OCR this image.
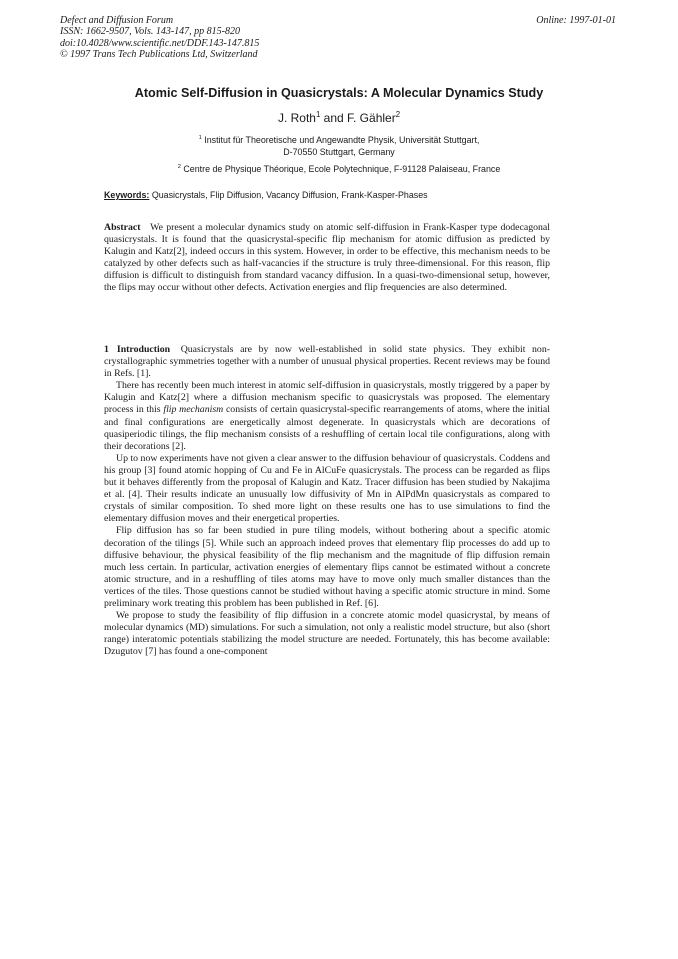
Defect and Diffusion Forum
ISSN: 1662-9507, Vols. 143-147, pp 815-820
doi:10.4028/www.scientific.net/DDF.143-147.815
© 1997 Trans Tech Publications Ltd, Switzerland
Online: 1997-01-01
Atomic Self-Diffusion in Quasicrystals: A Molecular Dynamics Study
J. Roth$^1$ and F. Gähler$^2$
$^1$ Institut für Theoretische und Angewandte Physik, Universität Stuttgart,
D-70550 Stuttgart, Germany
$^2$ Centre de Physique Théorique, Ecole Polytechnique, F-91128 Palaiseau, France
Keywords: Quasicrystals, Flip Diffusion, Vacancy Diffusion, Frank-Kasper-Phases

Abstract We present a molecular dynamics study on atomic self-diffusion in Frank-Kasper type dodecagonal quasicrystals. It is found that the quasicrystal-specific flip mechanism for atomic diffusion as predicted by Kalugin and Katz[2], indeed occurs in this system. However, in order to be effective, this mechanism needs to be catalyzed by other defects such as half-vacancies if the structure is truly three-dimensional. For this reason, flip diffusion is difficult to distinguish from standard vacancy diffusion. In a quasi-two-dimensional setup, however, the flips may occur without other defects. Activation energies and flip frequencies are also determined.

1 Introduction Quasicrystals are by now well-established in solid state physics. They exhibit non-crystallographic symmetries together with a number of unusual physical properties. Recent reviews may be found in Refs. [1].

There has recently been much interest in atomic self-diffusion in quasicrystals, mostly triggered by a paper by Kalugin and Katz[2] where a diffusion mechanism specific to quasicrystals was proposed. The elementary process in this flip mechanism consists of certain quasicrystal-specific rearrangements of atoms, where the initial and final configurations are energetically almost degenerate. In quasicrystals which are decorations of quasiperiodic tilings, the flip mechanism consists of a reshuffling of certain local tile configurations, along with their decorations [2].

Up to now experiments have not given a clear answer to the diffusion behaviour of quasicrystals. Coddens and his group [3] found atomic hopping of Cu and Fe in AlCuFe quasicrystals. The process can be regarded as flips but it behaves differently from the proposal of Kalugin and Katz. Tracer diffusion has been studied by Nakajima et al. [4]. Their results indicate an unusually low diffusivity of Mn in AlPdMn quasicrystals as compared to crystals of similar composition. To shed more light on these results one has to use simulations to find the elementary diffusion moves and their energetical properties.

Flip diffusion has so far been studied in pure tiling models, without bothering about a specific atomic decoration of the tilings [5]. While such an approach indeed proves that elementary flip processes do add up to diffusive behaviour, the physical feasibility of the flip mechanism and the magnitude of flip diffusion remain much less certain. In particular, activation energies of elementary flips cannot be estimated without a concrete atomic structure, and in a reshuffling of tiles atoms may have to move only much smaller distances than the vertices of the tiles. Those questions cannot be studied without having a specific atomic structure in mind. Some preliminary work treating this problem has been published in Ref. [6].

We propose to study the feasibility of flip diffusion in a concrete atomic model quasicrystal, by means of molecular dynamics (MD) simulations. For such a simulation, not only a realistic model structure, but also (short range) interatomic potentials stabilizing the model structure are needed. Fortunately, this has become available: Dzugutov [7] has found a one-component
